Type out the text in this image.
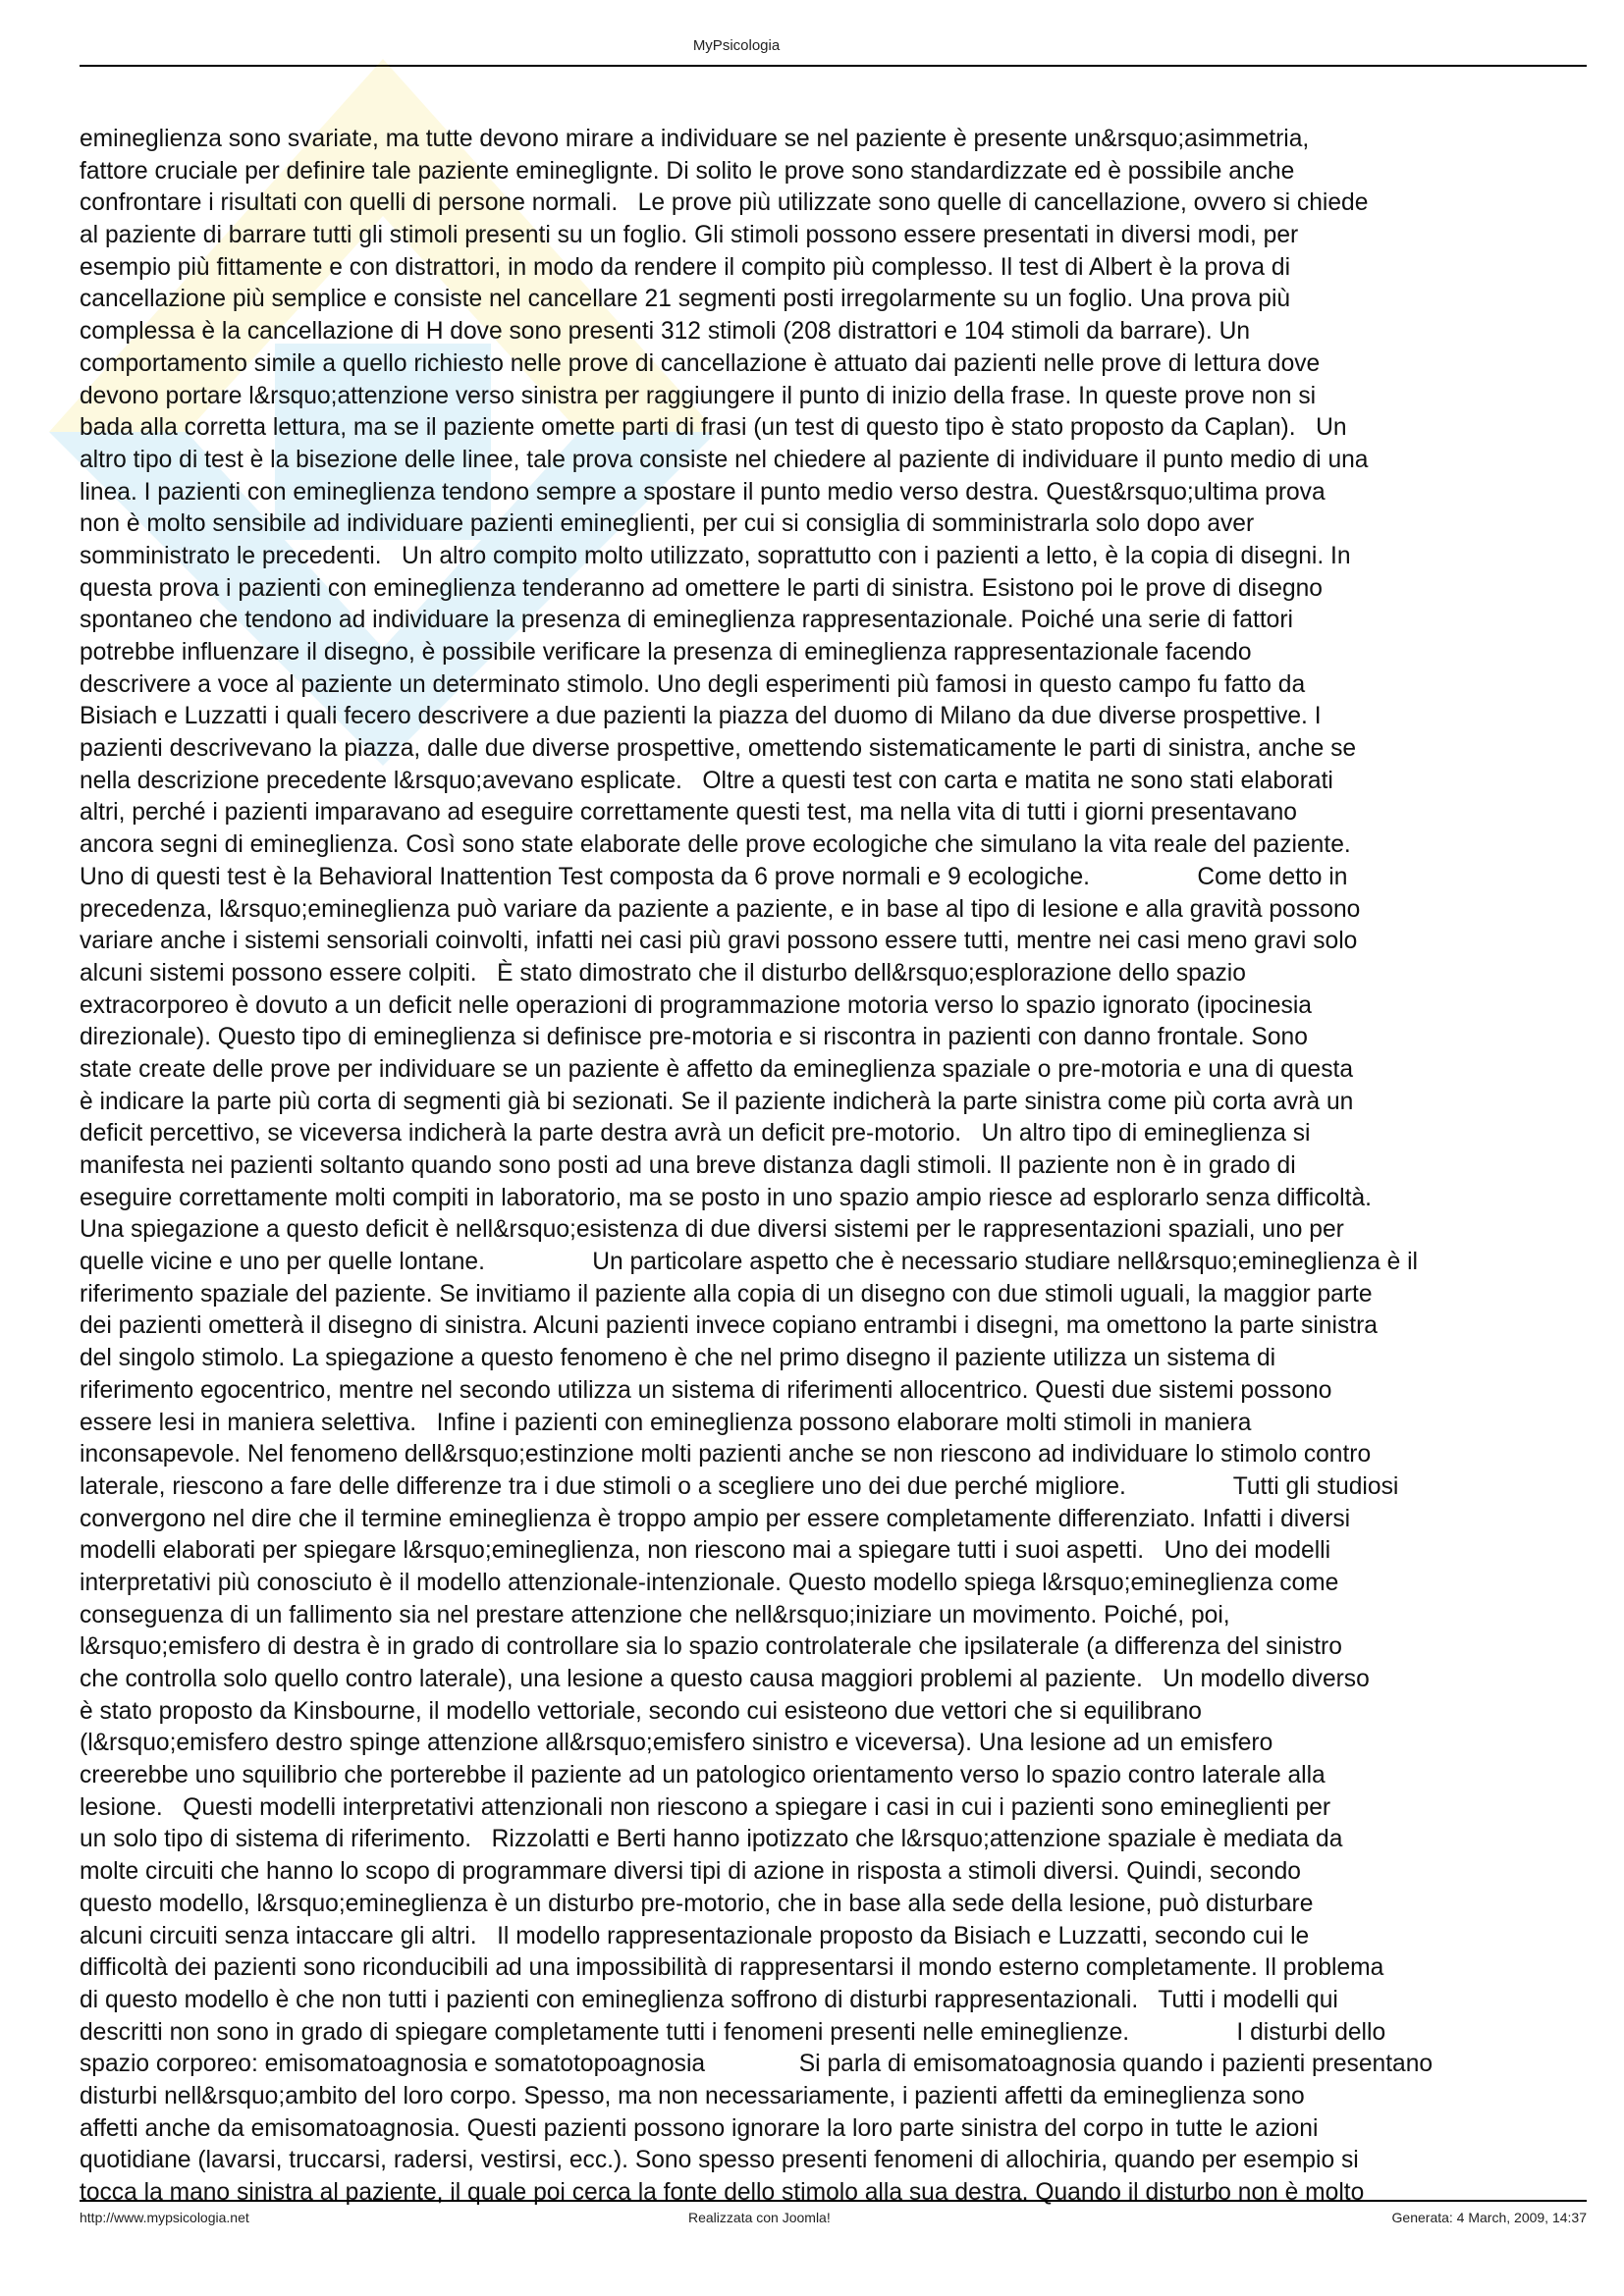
MyPsicologia
emineglienza sono svariate, ma tutte devono mirare a individuare se nel paziente è presente un&rsquo;asimmetria,
fattore cruciale per definire tale paziente emineglignte. Di solito le prove sono standardizzate ed è possibile anche
confrontare i risultati con quelli di persone normali.   Le prove più utilizzate sono quelle di cancellazione, ovvero si chiede
al paziente di barrare tutti gli stimoli presenti su un foglio. Gli stimoli possono essere presentati in diversi modi, per
esempio più fittamente e con distrattori, in modo da rendere il compito più complesso. Il test di Albert è la prova di
cancellazione più semplice e consiste nel cancellare 21 segmenti posti irregolarmente su un foglio. Una prova più
complessa è la cancellazione di H dove sono presenti 312 stimoli (208 distrattori e 104 stimoli da barrare). Un
comportamento simile a quello richiesto nelle prove di cancellazione è attuato dai pazienti nelle prove di lettura dove
devono portare l&rsquo;attenzione verso sinistra per raggiungere il punto di inizio della frase. In queste prove non si
bada alla corretta lettura, ma se il paziente omette parti di frasi (un test di questo tipo è stato proposto da Caplan).   Un
altro tipo di test è la bisezione delle linee, tale prova consiste nel chiedere al paziente di individuare il punto medio di una
linea. I pazienti con emineglienza tendono sempre a spostare il punto medio verso destra. Quest&rsquo;ultima prova
non è molto sensibile ad individuare pazienti emineglienti, per cui si consiglia di somministrarla solo dopo aver
somministrato le precedenti.   Un altro compito molto utilizzato, soprattutto con i pazienti a letto, è la copia di disegni. In
questa prova i pazienti con emineglienza tenderanno ad omettere le parti di sinistra. Esistono poi le prove di disegno
spontaneo che tendono ad individuare la presenza di emineglienza rappresentazionale. Poiché una serie di fattori
potrebbe influenzare il disegno, è possibile verificare la presenza di emineglienza rappresentazionale facendo
descrivere a voce al paziente un determinato stimolo. Uno degli esperimenti più famosi in questo campo fu fatto da
Bisiach e Luzzatti i quali fecero descrivere a due pazienti la piazza del duomo di Milano da due diverse prospettive. I
pazienti descrivevano la piazza, dalle due diverse prospettive, omettendo sistematicamente le parti di sinistra, anche se
nella descrizione precedente l&rsquo;avevano esplicate.   Oltre a questi test con carta e matita ne sono stati elaborati
altri, perché i pazienti imparavano ad eseguire correttamente questi test, ma nella vita di tutti i giorni presentavano
ancora segni di emineglienza. Così sono state elaborate delle prove ecologiche che simulano la vita reale del paziente.
Uno di questi test è la Behavioral Inattention Test composta da 6 prove normali e 9 ecologiche.                Come detto in
precedenza, l&rsquo;emineglienza può variare da paziente a paziente, e in base al tipo di lesione e alla gravità possono
variare anche i sistemi sensoriali coinvolti, infatti nei casi più gravi possono essere tutti, mentre nei casi meno gravi solo
alcuni sistemi possono essere colpiti.   È stato dimostrato che il disturbo dell&rsquo;esplorazione dello spazio
extracorporeo è dovuto a un deficit nelle operazioni di programmazione motoria verso lo spazio ignorato (ipocinesia
direzionale). Questo tipo di emineglienza si definisce pre-motoria e si riscontra in pazienti con danno frontale. Sono
state create delle prove per individuare se un paziente è affetto da emineglienza spaziale o pre-motoria e una di questa
è indicare la parte più corta di segmenti già bi sezionati. Se il paziente indicherà la parte sinistra come più corta avrà un
deficit percettivo, se viceversa indicherà la parte destra avrà un deficit pre-motorio.   Un altro tipo di emineglienza si
manifesta nei pazienti soltanto quando sono posti ad una breve distanza dagli stimoli. Il paziente non è in grado di
eseguire correttamente molti compiti in laboratorio, ma se posto in uno spazio ampio riesce ad esplorarlo senza difficoltà.
Una spiegazione a questo deficit è nell&rsquo;esistenza di due diversi sistemi per le rappresentazioni spaziali, uno per
quelle vicine e uno per quelle lontane.                Un particolare aspetto che è necessario studiare nell&rsquo;emineglienza è il
riferimento spaziale del paziente. Se invitiamo il paziente alla copia di un disegno con due stimoli uguali, la maggior parte
dei pazienti ometterà il disegno di sinistra. Alcuni pazienti invece copiano entrambi i disegni, ma omettono la parte sinistra
del singolo stimolo. La spiegazione a questo fenomeno è che nel primo disegno il paziente utilizza un sistema di
riferimento egocentrico, mentre nel secondo utilizza un sistema di riferimenti allocentrico. Questi due sistemi possono
essere lesi in maniera selettiva.   Infine i pazienti con emineglienza possono elaborare molti stimoli in maniera
inconsapevole. Nel fenomeno dell&rsquo;estinzione molti pazienti anche se non riescono ad individuare lo stimolo contro
laterale, riescono a fare delle differenze tra i due stimoli o a scegliere uno dei due perché migliore.                Tutti gli studiosi
convergono nel dire che il termine emineglienza è troppo ampio per essere completamente differenziato. Infatti i diversi
modelli elaborati per spiegare l&rsquo;emineglienza, non riescono mai a spiegare tutti i suoi aspetti.   Uno dei modelli
interpretativi più conosciuto è il modello attenzionale-intenzionale. Questo modello spiega l&rsquo;emineglienza come
conseguenza di un fallimento sia nel prestare attenzione che nell&rsquo;iniziare un movimento. Poiché, poi,
l&rsquo;emisfero di destra è in grado di controllare sia lo spazio controlaterale che ipsilaterale (a differenza del sinistro
che controlla solo quello contro laterale), una lesione a questo causa maggiori problemi al paziente.   Un modello diverso
è stato proposto da Kinsbourne, il modello vettoriale, secondo cui esisteono due vettori che si equilibrano
(l&rsquo;emisfero destro spinge attenzione all&rsquo;emisfero sinistro e viceversa). Una lesione ad un emisfero
creerebbe uno squilibrio che porterebbe il paziente ad un patologico orientamento verso lo spazio contro laterale alla
lesione.   Questi modelli interpretativi attenzionali non riescono a spiegare i casi in cui i pazienti sono emineglienti per
un solo tipo di sistema di riferimento.   Rizzolatti e Berti hanno ipotizzato che l&rsquo;attenzione spaziale è mediata da
molte circuiti che hanno lo scopo di programmare diversi tipi di azione in risposta a stimoli diversi. Quindi, secondo
questo modello, l&rsquo;emineglienza è un disturbo pre-motorio, che in base alla sede della lesione, può disturbare
alcuni circuiti senza intaccare gli altri.   Il modello rappresentazionale proposto da Bisiach e Luzzatti, secondo cui le
difficoltà dei pazienti sono riconducibili ad una impossibilità di rappresentarsi il mondo esterno completamente. Il problema
di questo modello è che non tutti i pazienti con emineglienza soffrono di disturbi rappresentazionali.   Tutti i modelli qui
descritti non sono in grado di spiegare completamente tutti i fenomeni presenti nelle emineglienze.                I disturbi dello
spazio corporeo: emisomatoagnosia e somatotopoagnosia              Si parla di emisomatoagnosia quando i pazienti presentano
disturbi nell&rsquo;ambito del loro corpo. Spesso, ma non necessariamente, i pazienti affetti da emineglienza sono
affetti anche da emisomatoagnosia. Questi pazienti possono ignorare la loro parte sinistra del corpo in tutte le azioni
quotidiane (lavarsi, truccarsi, radersi, vestirsi, ecc.). Sono spesso presenti fenomeni di allochiria, quando per esempio si
tocca la mano sinistra al paziente, il quale poi cerca la fonte dello stimolo alla sua destra. Quando il disturbo non è molto
http://www.mypsicologia.net	Realizzata con Joomla!	Generata: 4 March, 2009, 14:37
